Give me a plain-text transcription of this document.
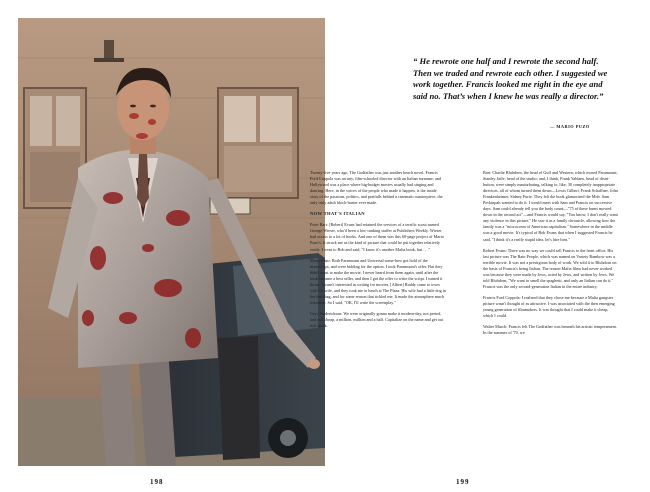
198
“ He rewrote one half and I rewrote the second half. Then we traded and rewrote each other. I suggested we work together. Francis looked me right in the eye and said no. That’s when I knew he was really a director.”
— MARIO PUZO
199

Twenty-five years ago, The Godfather was just another beach novel, Francis Ford Coppola was an arty, film-schooled director with an Italian surname, and Hollywood was a place where big-budget movies usually had singing and dancing. Here, in the voices of the people who made it happen, is the inside story of the passions, politics, and pratfalls behind a cinematic masterpiece, the only truly adult block-buster ever made.

NOW THAT'S ITALIAN

Peter Bart: [Robert] Evans had retained the services of a terrific scout named George Wieser, who'd been a low-ranking staffer at Publishers Weekly. Wieser had access to a lot of books. And one of them was this 60-page project of Mario Puzo's. It struck me as the kind of picture that could be put together relatively easily. I went to Bob and said, "I know it's another Mafia book, but . . ."

Mario Puzo: Both Paramount and Universal some-how got hold of the manuscript, and were bidding for the option. I took Paramount's offer. But they didn't want to make the movie. I never heard from them again, until after the book became a best seller, and then I got the offer to write the script. I turned it down. I wasn't interested in writing for movies. [Albert] Ruddy came to town with his wife, and they took me to lunch at The Plaza. His wife had a little dog in her handbag, and for some reason that tickled me. It made the atmosphere much friendlier. So I said, "OK, I'll write the screenplay."

Gray Frederickson: We were originally gonna make it modern-day, not period, and real cheap, a million, million and a half. Capitalize on the name and get out real quick.

Bart: Charlie Bluhdorn, the head of Gulf and Western, which owned Paramount; Stanley Jaffe, head of the studio; and, I think, Frank Yablans, head of distri-bution, were simply masturbating, talking to, like, 30 completely inappropriate directors, all of whom turned them down—Lewis Gilbert, Frank Schaffner, John Frankenheimer, Sidney Furie. They felt the book glamorized the Mob. Sam Peckinpah wanted to do it. I would meet with Sam and Francis on successive days. Sam could already tell you the body count—"75 of these bums mowed down in the second act"—and Francis would say, "You know, I don't really want any violence in this picture." He saw it as a family chronicle, allowing how the family was a "microcosm of American capitalism." Somewhere in the middle was a good movie. It's typical of Bob Evans that when I suggested Francis he said, "I think it's a really stupid idea, let's hire him."

Robert Evans: There was no way we could sell Francis to the front office. His last picture was The Rain People, which was named on Variety Rambow was a terrible movie. It was not a prestigious body of work. We sold it to Bluhdorn on the basis of Francis's being Italian. The reason Mafia films had never worked was because they were made by Jews, acted by Jews, and written by Jews. We told Bluhdorn, "We want to smell the spaghetti, and only an Italian can do it." Francis was the only second-generation Italian in the entire industry.

Francis Ford Coppola: I realized that they chose me because a Mafia gangster picture wasn't thought of as attractive. I was associated with the then emerging young generation of filmmakers. It was thought that I could make it cheap, which I could.

Walter Murch: Francis felt The Godfather was beneath his artistic temperament. In the summer of '70, we
